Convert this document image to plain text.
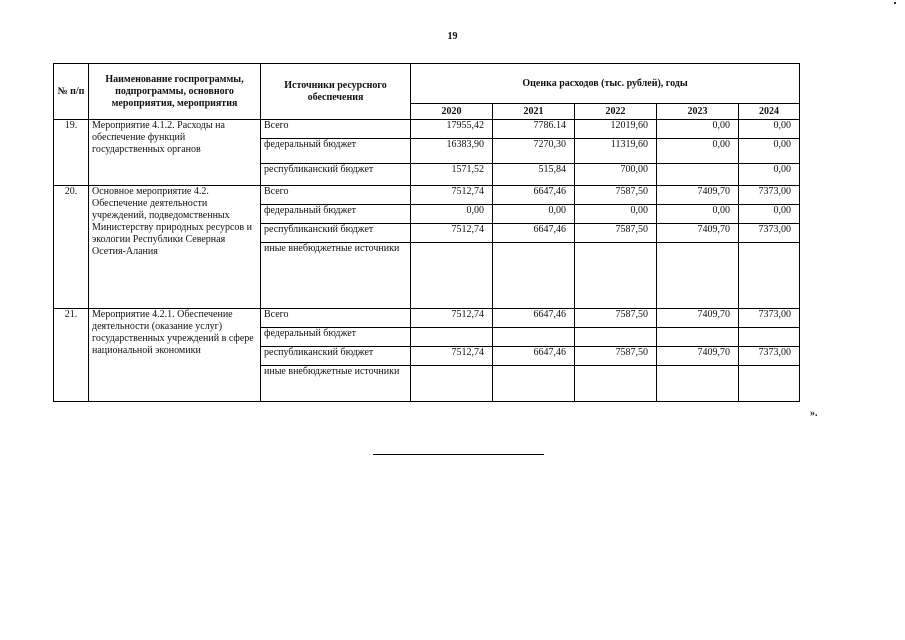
19
№ п/п	Наименование госпрограммы, подпрограммы, основного мероприятия, мероприятия	Источники ресурсного обеспечения	Оценка расходов (тыс. рублей), годы				
			2020	2021	2022	2023	2024
19.	Мероприятие 4.1.2. Расходы на обеспечение функций государственных органов	Всего	17955,42	7786.14	12019,60	0,00	0,00
		федеральный бюджет	16383,90	7270,30	11319,60	0,00	0,00
		республиканский бюджет	1571,52	515,84	700,00		0,00
20.	Основное мероприятие 4.2. Обеспечение деятельности учреждений, подведомственных Министерству природных ресурсов и экологии Республики Северная Осетия-Алания	Всего	7512,74	6647,46	7587,50	7409,70	7373,00
		федеральный бюджет	0,00	0,00	0,00	0,00	0,00
		республиканский бюджет	7512,74	6647,46	7587,50	7409,70	7373,00
		иные внебюджетные источники					
21.	Мероприятие 4.2.1. Обеспечение деятельности (оказание услуг) государственных учреждений в сфере национальной экономики	Всего	7512,74	6647,46	7587,50	7409,70	7373,00
		федеральный бюджет					
		республиканский бюджет	7512,74	6647,46	7587,50	7409,70	7373,00
		иные внебюджетные источники					
».
